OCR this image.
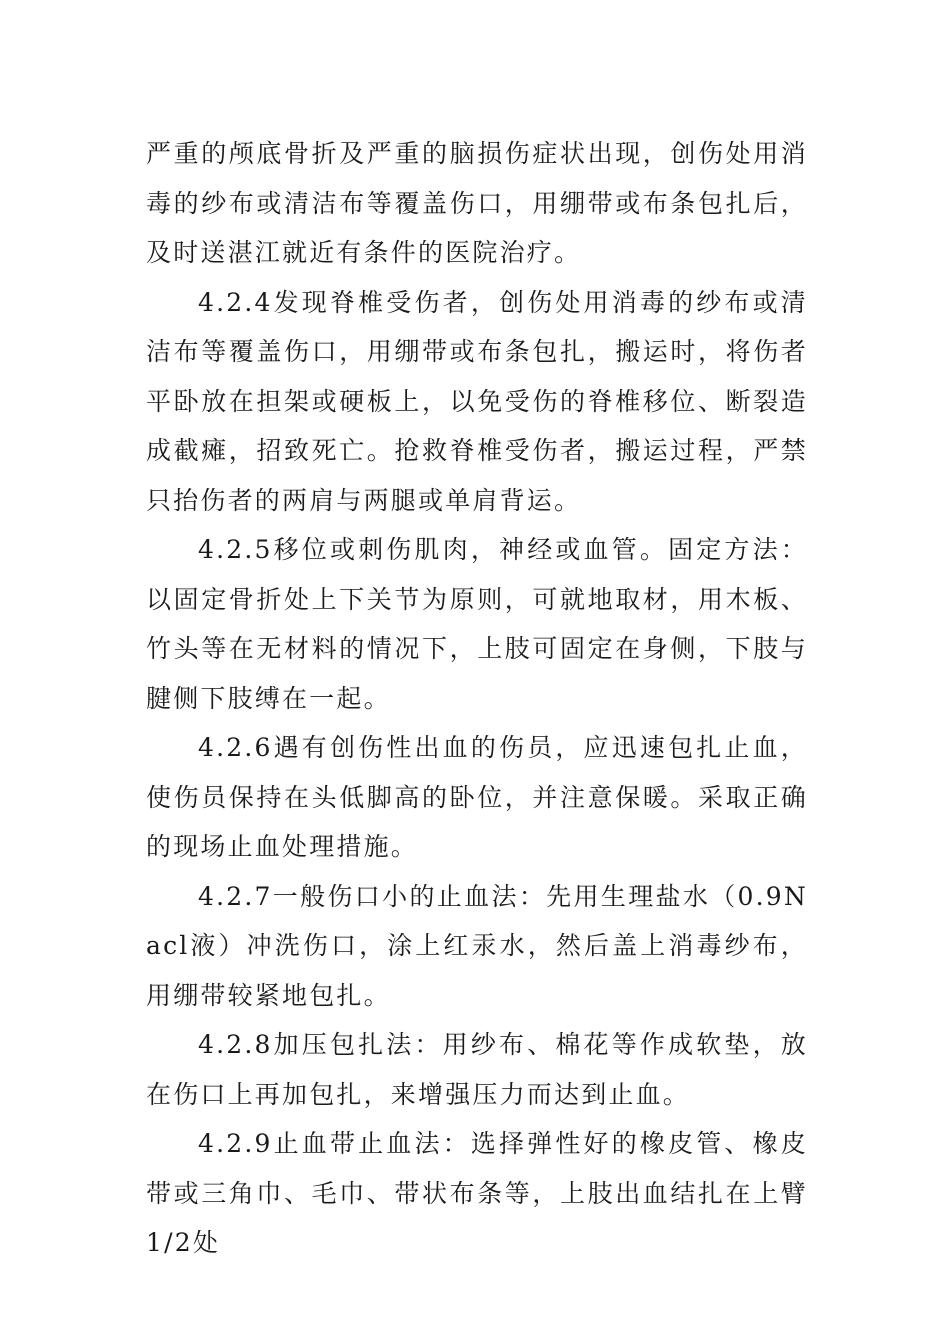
严重的颅底骨折及严重的脑损伤症状出现，创伤处用消毒的纱布或清洁布等覆盖伤口，用绷带或布条包扎后，及时送湛江就近有条件的医院治疗。

4.2.4发现脊椎受伤者，创伤处用消毒的纱布或清洁布等覆盖伤口，用绷带或布条包扎，搬运时，将伤者平卧放在担架或硬板上，以免受伤的脊椎移位、断裂造成截瘫，招致死亡。抢救脊椎受伤者，搬运过程，严禁只抬伤者的两肩与两腿或单肩背运。

4.2.5移位或刺伤肌肉，神经或血管。固定方法：以固定骨折处上下关节为原则，可就地取材，用木板、竹头等在无材料的情况下，上肢可固定在身侧，下肢与腱侧下肢缚在一起。

4.2.6遇有创伤性出血的伤员，应迅速包扎止血，使伤员保持在头低脚高的卧位，并注意保暖。采取正确的现场止血处理措施。

4.2.7一般伤口小的止血法：先用生理盐水（0.9Nacl液）冲洗伤口，涂上红汞水，然后盖上消毒纱布，用绷带较紧地包扎。

4.2.8加压包扎法：用纱布、棉花等作成软垫，放在伤口上再加包扎，来增强压力而达到止血。

4.2.9止血带止血法：选择弹性好的橡皮管、橡皮带或三角巾、毛巾、带状布条等，上肢出血结扎在上臂1/2处
